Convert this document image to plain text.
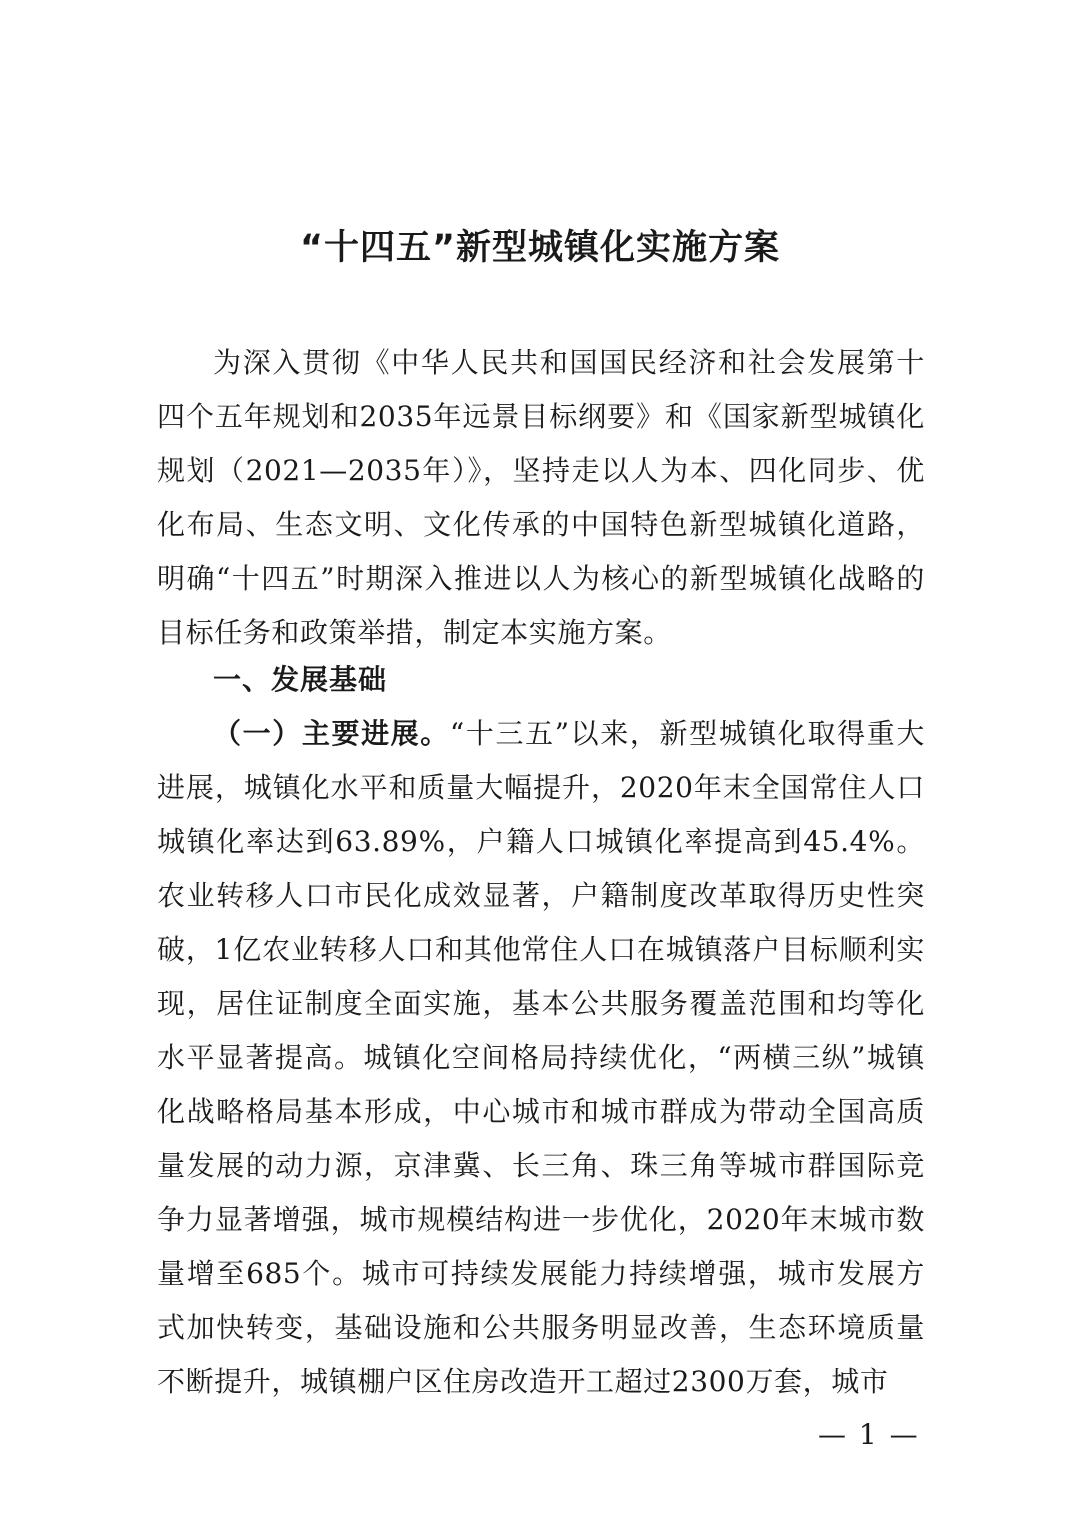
“十四五”新型城镇化实施方案

为深入贯彻《中华人民共和国国民经济和社会发展第十四个五年规划和2035年远景目标纲要》和《国家新型城镇化规划（2021—2035年）》，坚持走以人为本、四化同步、优化布局、生态文明、文化传承的中国特色新型城镇化道路，明确“十四五”时期深入推进以人为核心的新型城镇化战略的目标任务和政策举措，制定本实施方案。

一、发展基础

（一）主要进展。“十三五”以来，新型城镇化取得重大进展，城镇化水平和质量大幅提升，2020年末全国常住人口城镇化率达到63.89%，户籍人口城镇化率提高到45.4%。农业转移人口市民化成效显著，户籍制度改革取得历史性突破，1亿农业转移人口和其他常住人口在城镇落户目标顺利实现，居住证制度全面实施，基本公共服务覆盖范围和均等化水平显著提高。城镇化空间格局持续优化，“两横三纵”城镇化战略格局基本形成，中心城市和城市群成为带动全国高质量发展的动力源，京津冀、长三角、珠三角等城市群国际竞争力显著增强，城市规模结构进一步优化，2020年末城市数量增至685个。城市可持续发展能力持续增强，城市发展方式加快转变，基础设施和公共服务明显改善，生态环境质量不断提升，城镇棚户区住房改造开工超过2300万套，城市

— 1 —
